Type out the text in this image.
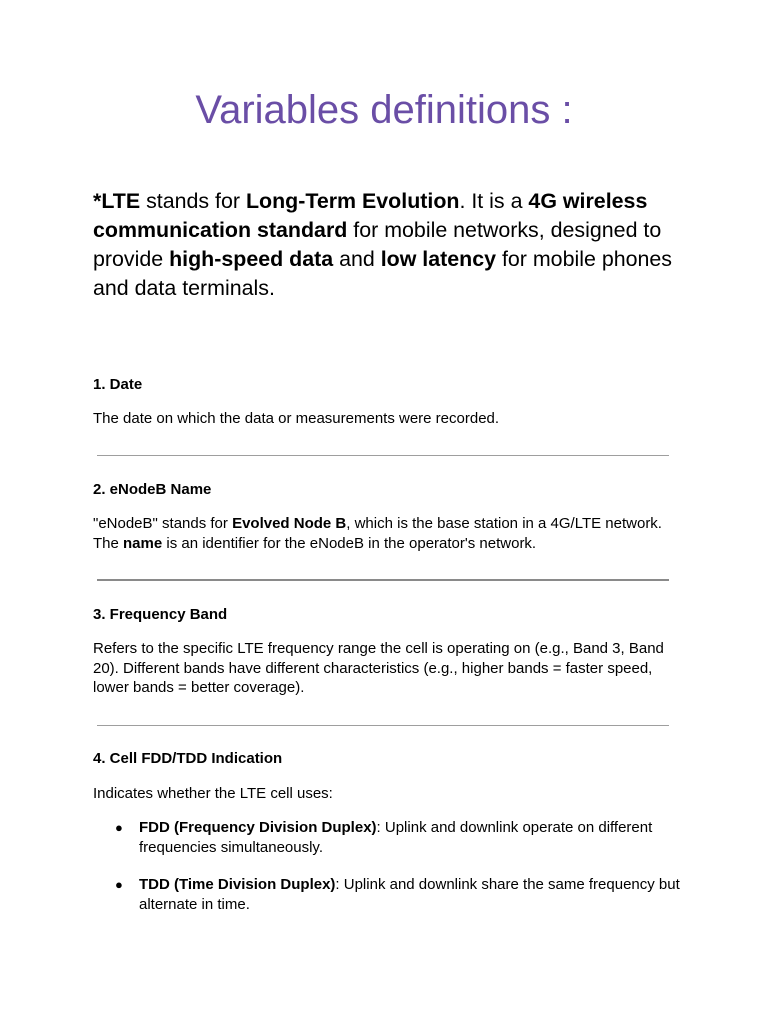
Variables definitions :

*LTE stands for Long-Term Evolution. It is a 4G wireless communication standard for mobile networks, designed to provide high-speed data and low latency for mobile phones and data terminals.

1. Date

The date on which the data or measurements were recorded.

2. eNodeB Name

"eNodeB" stands for Evolved Node B, which is the base station in a 4G/LTE network. The name is an identifier for the eNodeB in the operator's network.

3. Frequency Band

Refers to the specific LTE frequency range the cell is operating on (e.g., Band 3, Band 20). Different bands have different characteristics (e.g., higher bands = faster speed, lower bands = better coverage).

4. Cell FDD/TDD Indication

Indicates whether the LTE cell uses:

● FDD (Frequency Division Duplex): Uplink and downlink operate on different frequencies simultaneously.
● TDD (Time Division Duplex): Uplink and downlink share the same frequency but alternate in time.
